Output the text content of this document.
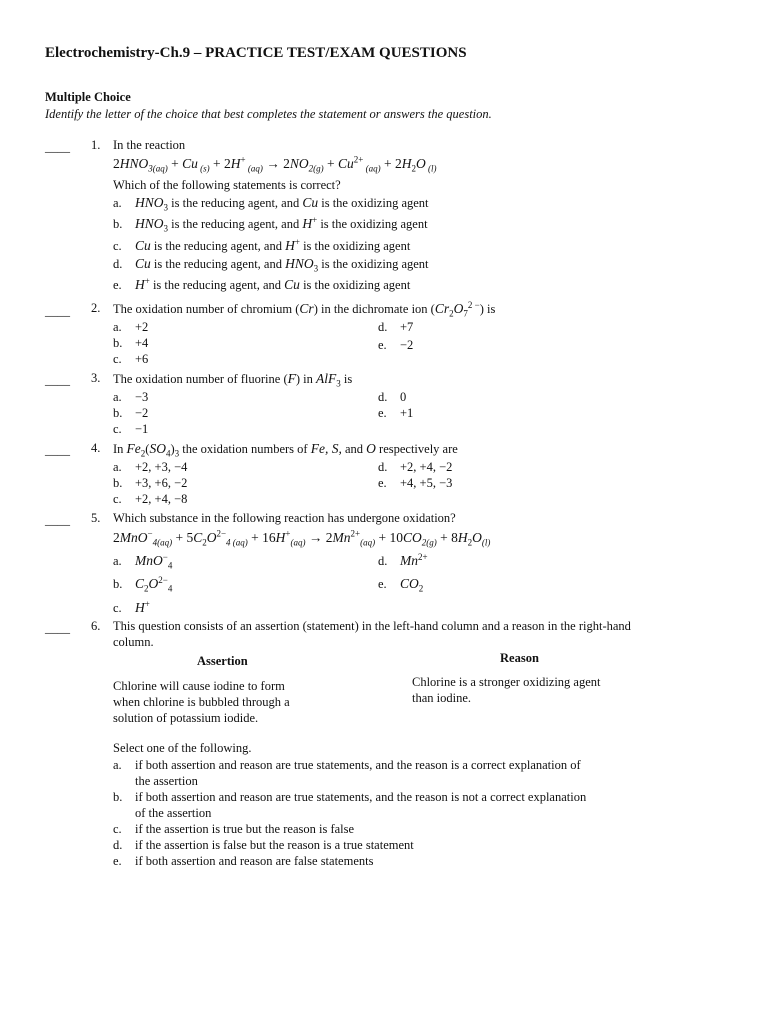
Electrochemistry-Ch.9 – PRACTICE TEST/EXAM QUESTIONS
Multiple Choice
Identify the letter of the choice that best completes the statement or answers the question.
____ 1. In the reaction
$2HNO_{3(aq)} + Cu$ $_{(s)}$ + 2H+ $_{(aq)} \to 2NO_{2(g)} + Cu^{2+}$ $_{(aq)} + 2H_2O$ $_{(l)}$
Which of the following statements is correct?
a. $HNO_3$ is the reducing agent, and Cu is the oxidizing agent
b. $HNO_3$ is the reducing agent, and H+ is the oxidizing agent
c. Cu is the reducing agent, and H+ is the oxidizing agent
d. Cu is the reducing agent, and $HNO_3$ is the oxidizing agent
e. H+ is the reducing agent, and Cu is the oxidizing agent
____ 2. The oxidation number of chromium (Cr) in the dichromate ion $(Cr_2O_7^{2 -})$ is
a. +2
b. +4
c. +6
d. +7
e. −2
____ 3. The oxidation number of fluorine (F) in AlF$_3$ is
a. −3
b. −2
c. −1
d. 0
e. +1
____ 4. In $Fe_2(SO_4)_3$ the oxidation numbers of Fe, S, and O respectively are
a. +2, +3, −4
b. +3, +6, −2
c. +2, +4, −8
d. +2, +4, −2
e. +4, +5, −3
____ 5. Which substance in the following reaction has undergone oxidation?
$2MnO^-_{4(aq)} + 5C_2O^{2-}_{4 (aq)} + 16H^+_{(aq)} \to 2Mn^{2+}_{(aq)} + 10CO_{2(g)} + 8H_2O_{(l)}$
a. MnO−$_4$
b. $C_2O^{2-}_4$
c. H+
d. $Mn^{2+}$
e. $CO_2$
____ 6. This question consists of an assertion (statement) in the left-hand column and a reason in the right-hand
column.
Assertion	Reason
Chlorine will cause iodine to form
when chlorine is bubbled through a
solution of potassium iodide.
Chlorine is a stronger oxidizing agent
than iodine.
Select one of the following.
a. if both assertion and reason are true statements, and the reason is a correct explanation of
the assertion
b. if both assertion and reason are true statements, and the reason is not a correct explanation
of the assertion
c. if the assertion is true but the reason is false
d. if the assertion is false but the reason is a true statement
e. if both assertion and reason are false statements
